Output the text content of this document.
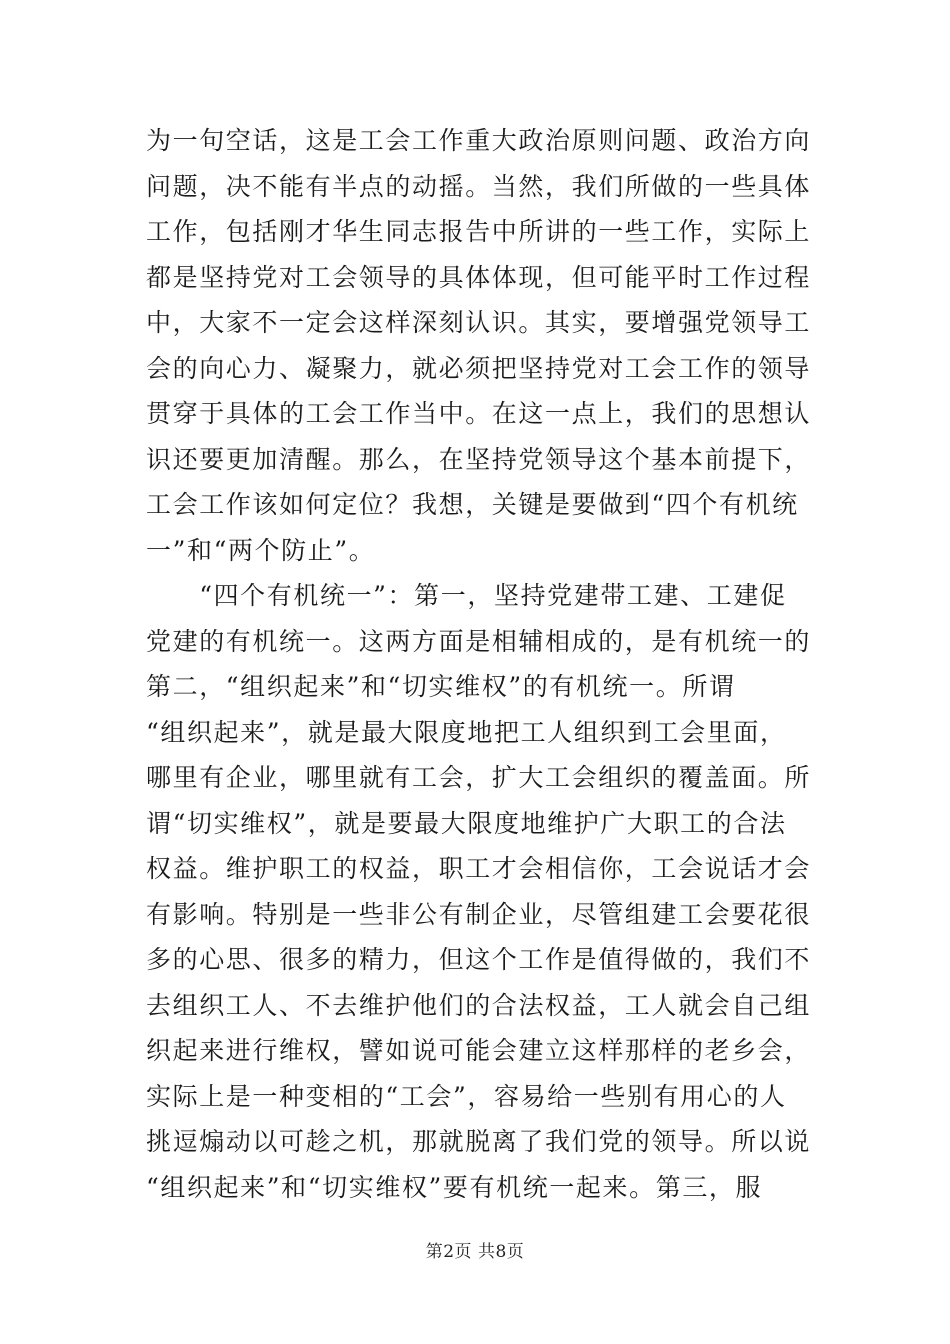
为一句空话，这是工会工作重大政治原则问题、政治方向
问题，决不能有半点的动摇。当然，我们所做的一些具体
工作，包括刚才华生同志报告中所讲的一些工作，实际上
都是坚持党对工会领导的具体体现，但可能平时工作过程
中，大家不一定会这样深刻认识。其实，要增强党领导工
会的向心力、凝聚力，就必须把坚持党对工会工作的领导
贯穿于具体的工会工作当中。在这一点上，我们的思想认
识还要更加清醒。那么，在坚持党领导这个基本前提下，
工会工作该如何定位？我想，关键是要做到“四个有机统
一”和“两个防止”。
　　“四个有机统一”：第一，坚持党建带工建、工建促
党建的有机统一。这两方面是相辅相成的，是有机统一的
第二，“组织起来”和“切实维权”的有机统一。所谓
“组织起来”，就是最大限度地把工人组织到工会里面，
哪里有企业，哪里就有工会，扩大工会组织的覆盖面。所
谓“切实维权”，就是要最大限度地维护广大职工的合法
权益。维护职工的权益，职工才会相信你，工会说话才会
有影响。特别是一些非公有制企业，尽管组建工会要花很
多的心思、很多的精力，但这个工作是值得做的，我们不
去组织工人、不去维护他们的合法权益，工人就会自己组
织起来进行维权，譬如说可能会建立这样那样的老乡会，
实际上是一种变相的“工会”，容易给一些别有用心的人
挑逗煽动以可趁之机，那就脱离了我们党的领导。所以说
“组织起来”和“切实维权”要有机统一起来。第三，服
第2页 共8页
